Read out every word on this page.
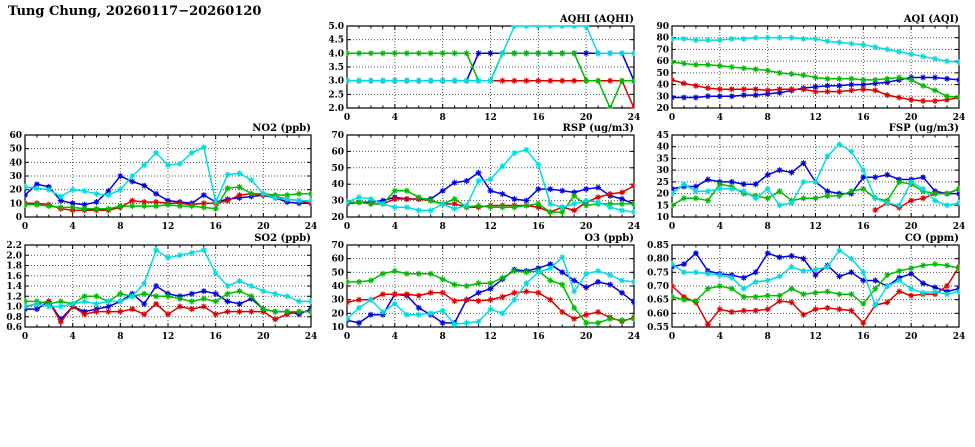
Tung Chung, 20260117−20260120
2.0
2.5
3.0
3.5
4.0
4.5
5.0
0	4	8	12	16	20	24
AQHI (AQHI)
20
30
40
50
60
70
80
90
0	4	8	12	16	20	24
AQI (AQI)
0
10
20
30
40
50
60
0	4	8	12	16	20	24
NO2 (ppb)
20
30
40
50
60
70
0	4	8	12	16	20	24
RSP (ug/m3)
10
15
20
25
30
35
40
45
0	4	8	12	16	20	24
FSP (ug/m3)
0.6
0.8
1.0
1.2
1.4
1.6
1.8
2.0
2.2
0	4	8	12	16	20	24
SO2 (ppb)
10
20
30
40
50
60
70
0	4	8	12	16	20	24
O3 (ppb)
0.55
0.60
0.65
0.70
0.75
0.80
0.85
0	4	8	12	16	20	24
CO (ppm)
